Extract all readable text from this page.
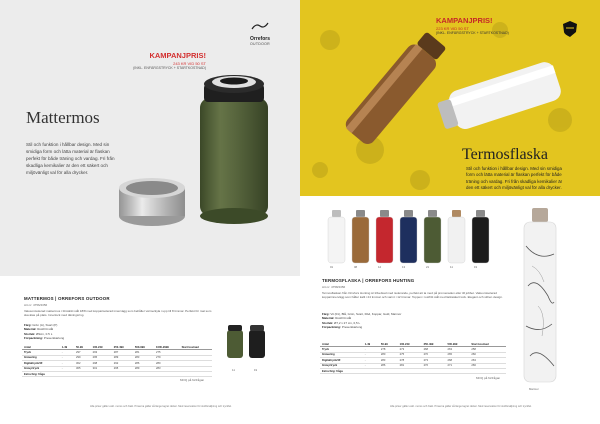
Orrefors
OUTDOOR
KAMPANJPRIS!
243 KR VID 50 ST
(INKL. ENFÄRGSTRYCK + STARTKOSTNAD)
Mattermos
Stil och funktion i hållbar design. Med sin smidiga form och lätta material är flaskan perfekt för både träning och vardag. Fri från skadliga kemikalier är den ett säkert och miljövänligt val för alla drycker.
MATTERMOS | ORREFORS OUTDOOR
Art.nr: 4756/4356
Vakuumisolerad mattermos i förstärkt stål 18/8 med kopparisolerad innervägg som behåller värme/kyla i upp till 8 timmar. Perfekt för mat som ska ätas på plats. Innerlock med tätningsring.
Färg: Grön (A), Svart (P)
Material: Rostfritt stål
Storlek: Ø9cm, 0.5 L
Förpackning: Presentkartong
Antal	1-49	50-99	100-249	250-499	500-999	1000-2999	Start kostnad
Tryck	-	297	293	287	281	275	
Gravering	-	299	295	289	283	279	
Digitaltryck/4F	-	302	298	292	286	280	
Gravyrtryck	-	305	301	295	289	283	
Extra färg: fråga							
MOQ på förfrågan
11	19
Alla priser gäller exkl. moms och frakt. Priserna gäller så länge lagret räcker. Med reservation för slutförsäljning och tryckfel.
KAMPANJPRIS!
223 KR VID 50 ST
(INKL. ENFÄRGSTRYCK + STARTKOSTNAD)
Termosflaska
Stil och funktion i hållbar design. Med sin smidiga form och lätta material är flaskan perfekt för både träning och vardag. Fri från skadliga kemikalier är den ett säkert och miljövänligt val för alla drycker.
01	08	12	13	21	11	19
TERMOSFLASKA | ORREFORS HUNTING
Art.nr: 4758/4356
Termosflaskan från Orrefors Hunting är tillverkad med isolerande, perfekt att ta med på promenaden eller till jobbet. Vakuumisolerad kopparinnervägg som håller kallt i 24 timmar och varmt i 12 timmar. Toppen i rostfritt stål med läcksäkert lock. Elegant och stilren design.
Färg: Vit (01), Blå, Grön, Svart, Röd, Koppar, Guld, Marmor
Material: Rostfritt stål
Storlek: Ø7,2 x 27 cm, 0,5 L
Förpackning: Presentkartong
Antal	1-49	50-99	100-249	250-499	500-999	Start kostnad
Tryck	-	278	273	268	263	258
Gravering	-	280	275	270	265	260
Digitaltryck/4F	-	283	278	273	268	263
Gravyrtryck	-	286	281	276	271	266
Extra färg: fråga						
MOQ på förfrågan
Marmor
Alla priser gäller exkl. moms och frakt. Priserna gäller så länge lagret räcker. Med reservation för slutförsäljning och tryckfel.
